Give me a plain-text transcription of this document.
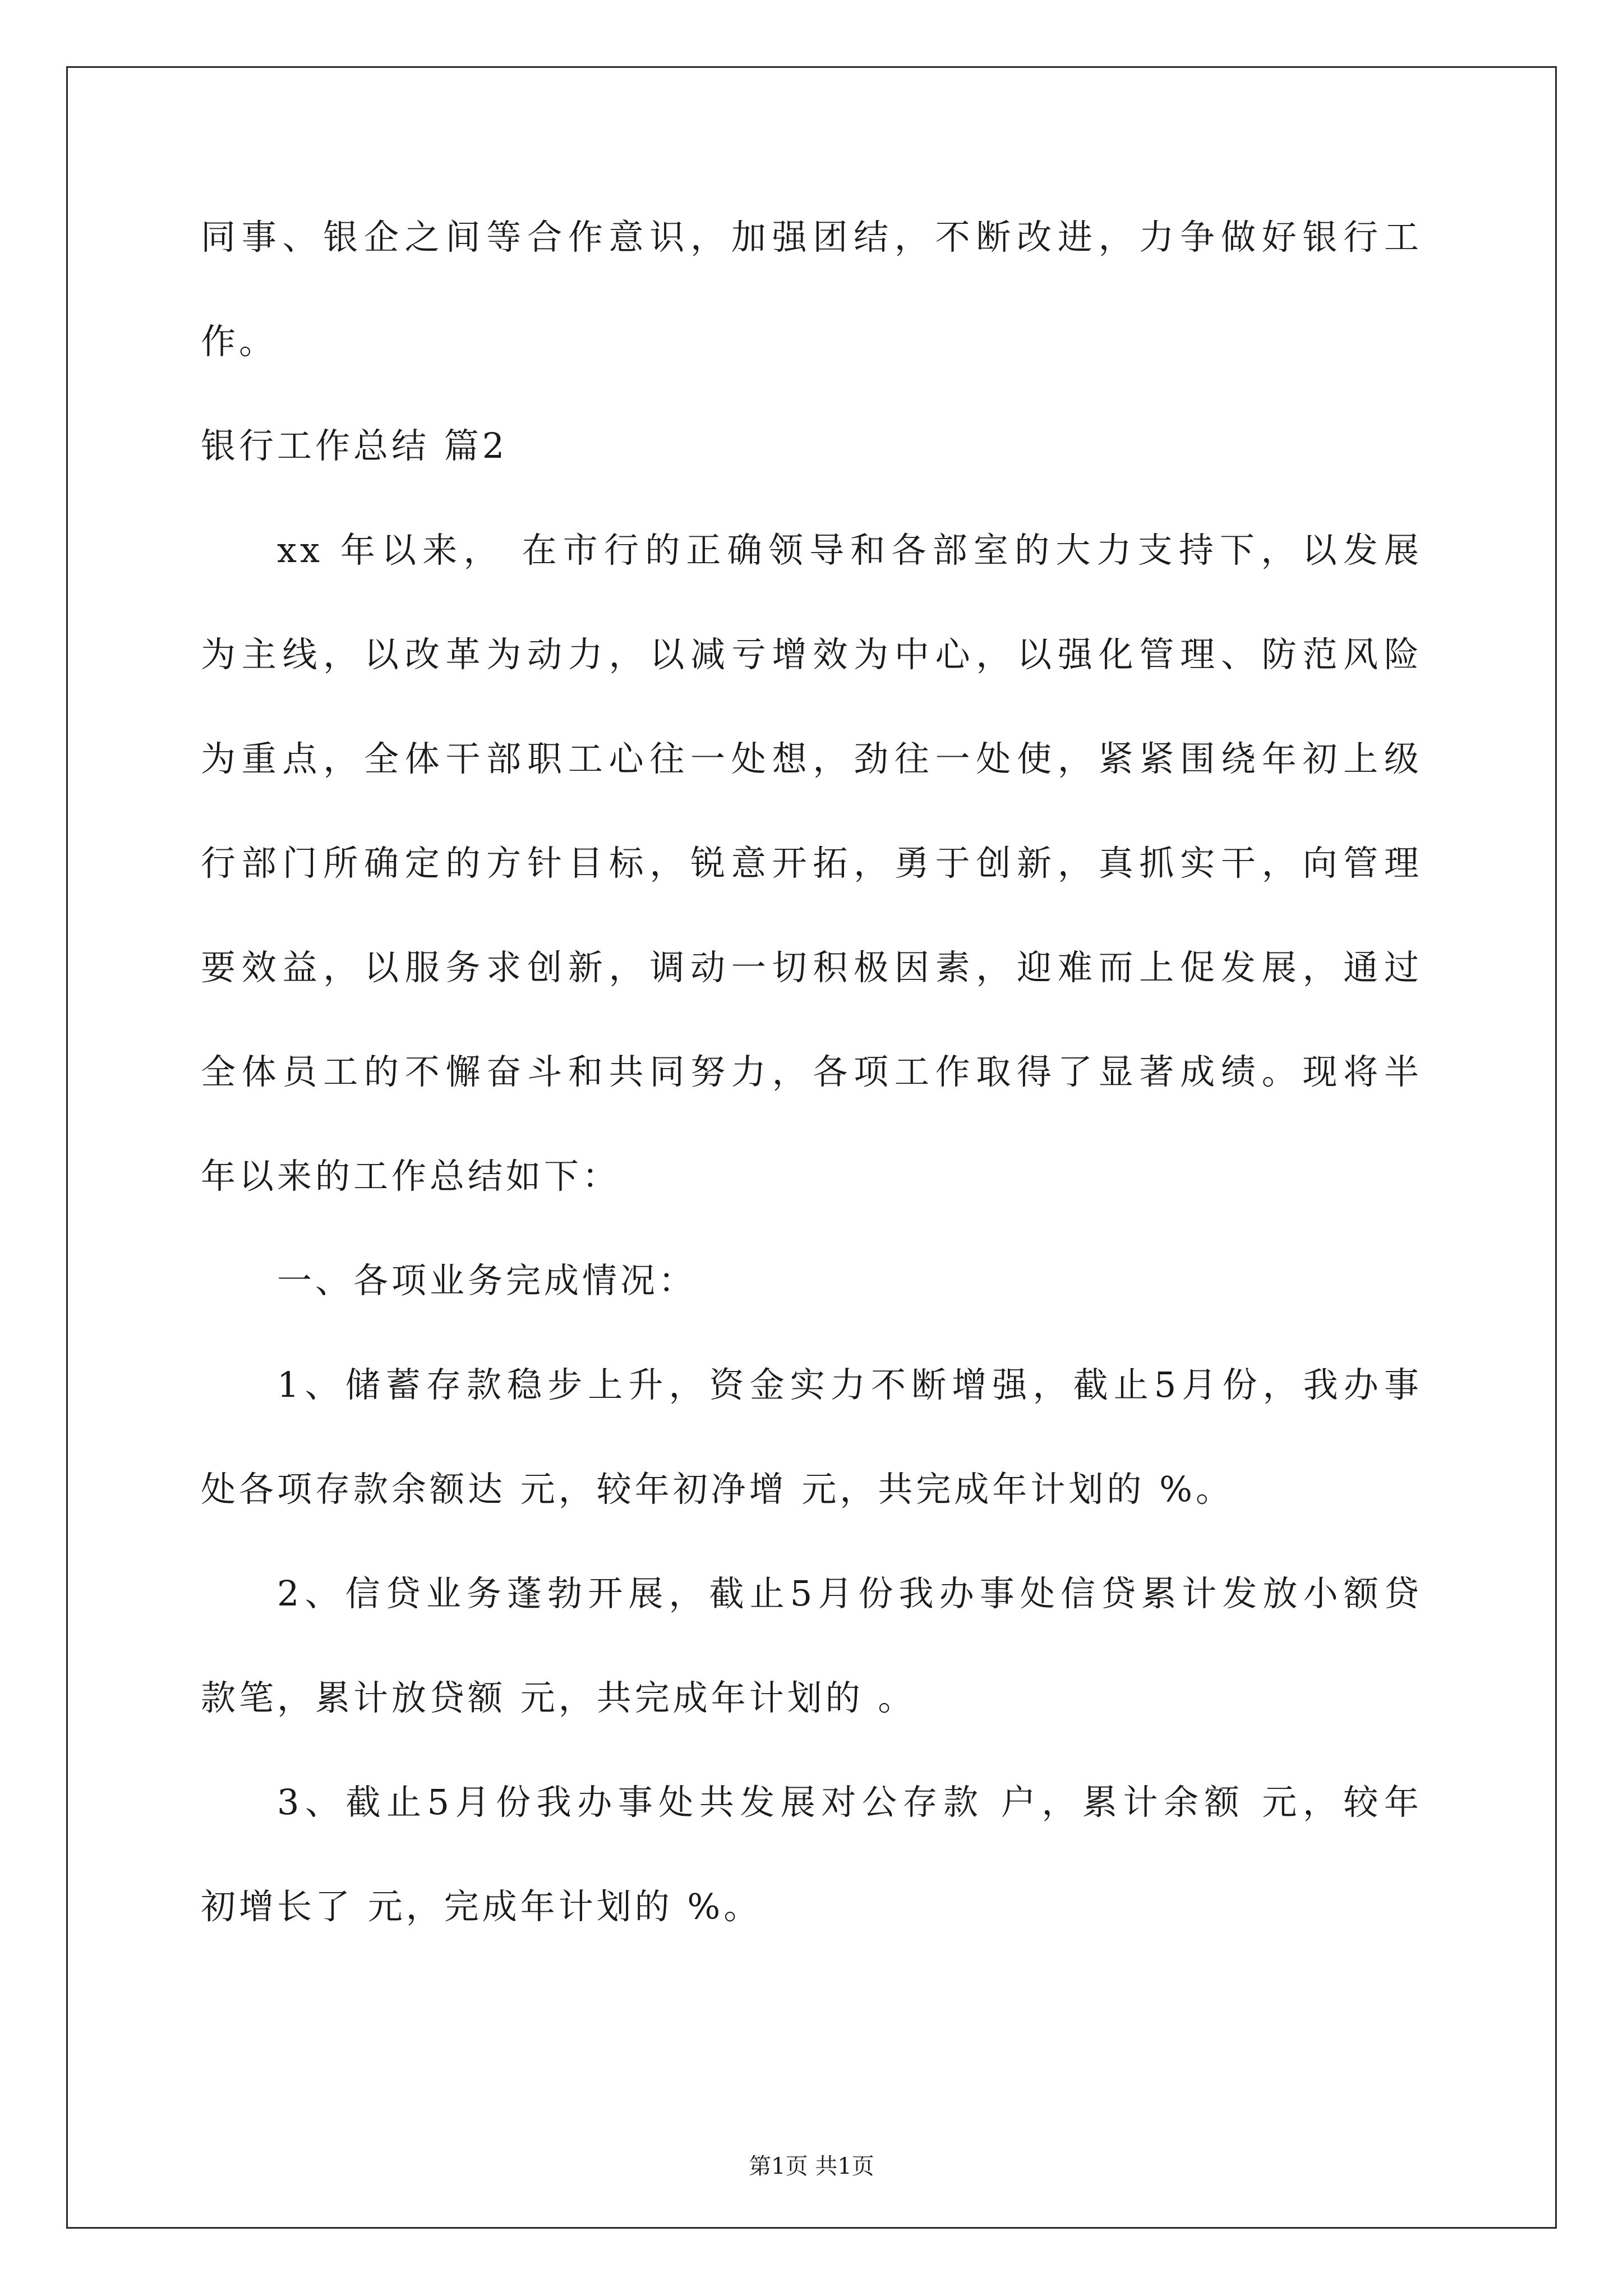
同事、银企之间等合作意识，加强团结，不断改进，力争做好银行工
作。
银行工作总结 篇2
xx 年以来， 在市行的正确领导和各部室的大力支持下，以发展
为主线，以改革为动力，以减亏增效为中心，以强化管理、防范风险
为重点，全体干部职工心往一处想，劲往一处使，紧紧围绕年初上级
行部门所确定的方针目标，锐意开拓，勇于创新，真抓实干，向管理
要效益，以服务求创新，调动一切积极因素，迎难而上促发展，通过
全体员工的不懈奋斗和共同努力，各项工作取得了显著成绩。现将半
年以来的工作总结如下：
一、各项业务完成情况：
1、储蓄存款稳步上升，资金实力不断增强，截止5月份，我办事
处各项存款余额达 元，较年初净增 元，共完成年计划的 %。
2、信贷业务蓬勃开展，截止5月份我办事处信贷累计发放小额贷
款笔，累计放贷额 元，共完成年计划的 。
3、截止5月份我办事处共发展对公存款 户，累计余额 元，较年
初增长了 元，完成年计划的 %。
第1页 共1页
